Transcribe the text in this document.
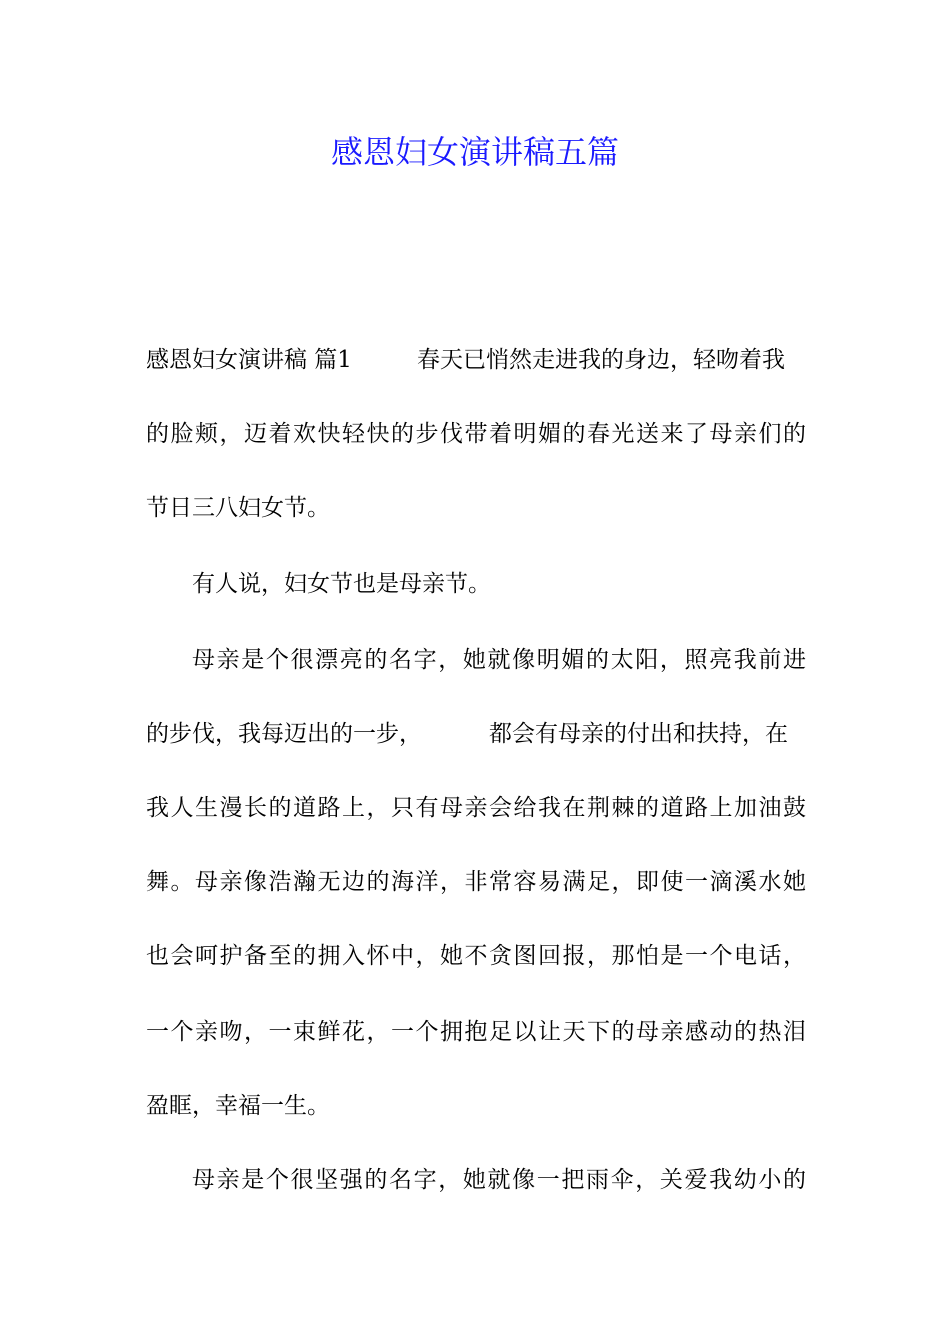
感恩妇女演讲稿五篇
感恩妇女演讲稿 篇1	春天已悄然走进我的身边，轻吻着我
的脸颊，迈着欢快轻快的步伐带着明媚的春光送来了母亲们的
节日三八妇女节。
有人说，妇女节也是母亲节。
母亲是个很漂亮的名字，她就像明媚的太阳，照亮我前进
的步伐，我每迈出的一步，	都会有母亲的付出和扶持，在
我人生漫长的道路上，只有母亲会给我在荆棘的道路上加油鼓
舞。母亲像浩瀚无边的海洋，非常容易满足，即使一滴溪水她
也会呵护备至的拥入怀中，她不贪图回报，那怕是一个电话，
一个亲吻，一束鲜花，一个拥抱足以让天下的母亲感动的热泪
盈眶，幸福一生。
母亲是个很坚强的名字，她就像一把雨伞，关爱我幼小的
